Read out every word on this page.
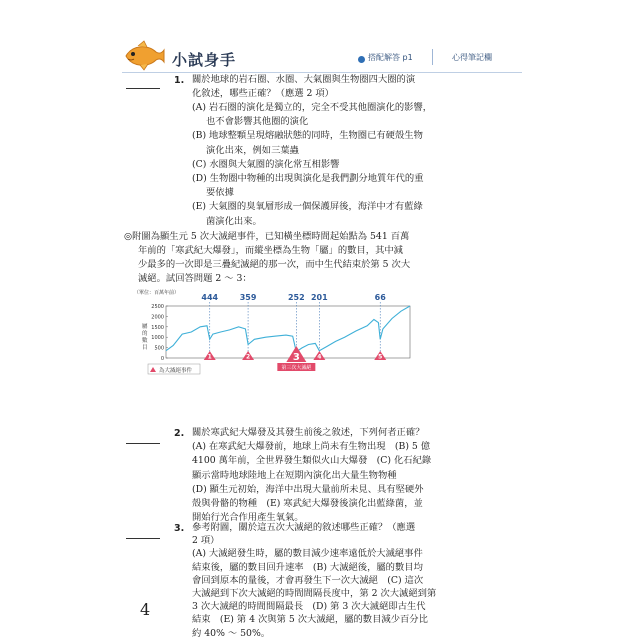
小試身手	搭配解答 p1	心得筆記欄
1. 關於地球的岩石圈、水圈、大氣圈與生物圈四大圈的演
化敘述，哪些正確？（應選 2 項）
(A) 岩石圈的演化是獨立的，完全不受其他圈演化的影響，
也不會影響其他圈的演化
(B) 地球整顆呈現熔融狀態的同時，生物圈已有硬殼生物
演化出來，例如三葉蟲
(C) 水圈與大氣圈的演化常互相影響
(D) 生物圈中物種的出現與演化是我們劃分地質年代的重
要依據
(E) 大氣圈的臭氧層形成一個保護屏後，海洋中才有藍綠
菌演化出來。
◎附圖為顯生元 5 次大滅絕事件，已知橫坐標時間起始點為 541 百萬
年前的「寒武紀大爆發」，而縱坐標為生物「屬」的數目，其中減
少最多的一次即是三疊紀滅絕的那一次，而中生代結束於第 5 次大
滅絕。試回答問題 2 ～ 3：
（單位：百萬年前）
2500
2000
1500
1000
500
0
屬
的
數
目
444	359	252 201	66
1	2	3
第三次大滅絕
4	5
為大滅絕事件
2. 關於寒武紀大爆發及其發生前後之敘述，下列何者正確？
(A) 在寒武紀大爆發前，地球上尚未有生物出現　(B) 5 億
4100 萬年前，全世界發生類似火山大爆發　(C) 化石紀錄
顯示當時地球陸地上在短期內演化出大量生物物種
(D) 顯生元初始，海洋中出現大量前所未見、具有堅硬外
殼與骨骼的物種　(E) 寒武紀大爆發後演化出藍綠菌，並
開始行光合作用產生氧氣。
3. 參考附圖，關於這五次大滅絕的敘述哪些正確？（應選
2 項）
(A) 大滅絕發生時，屬的數目減少速率遠低於大滅絕事件
結束後，屬的數目回升速率　(B) 大滅絕後，屬的數目均
會回到原本的量後，才會再發生下一次大滅絕　(C) 這次
大滅絕到下次大滅絕的時間間隔長度中，第 2 次大滅絕到第
3 次大滅絕的時間間隔最長　(D) 第 3 次大滅絕即古生代
結束　(E) 第 4 次與第 5 次大滅絕，屬的數目減少百分比
約 40% ～ 50%。
4
